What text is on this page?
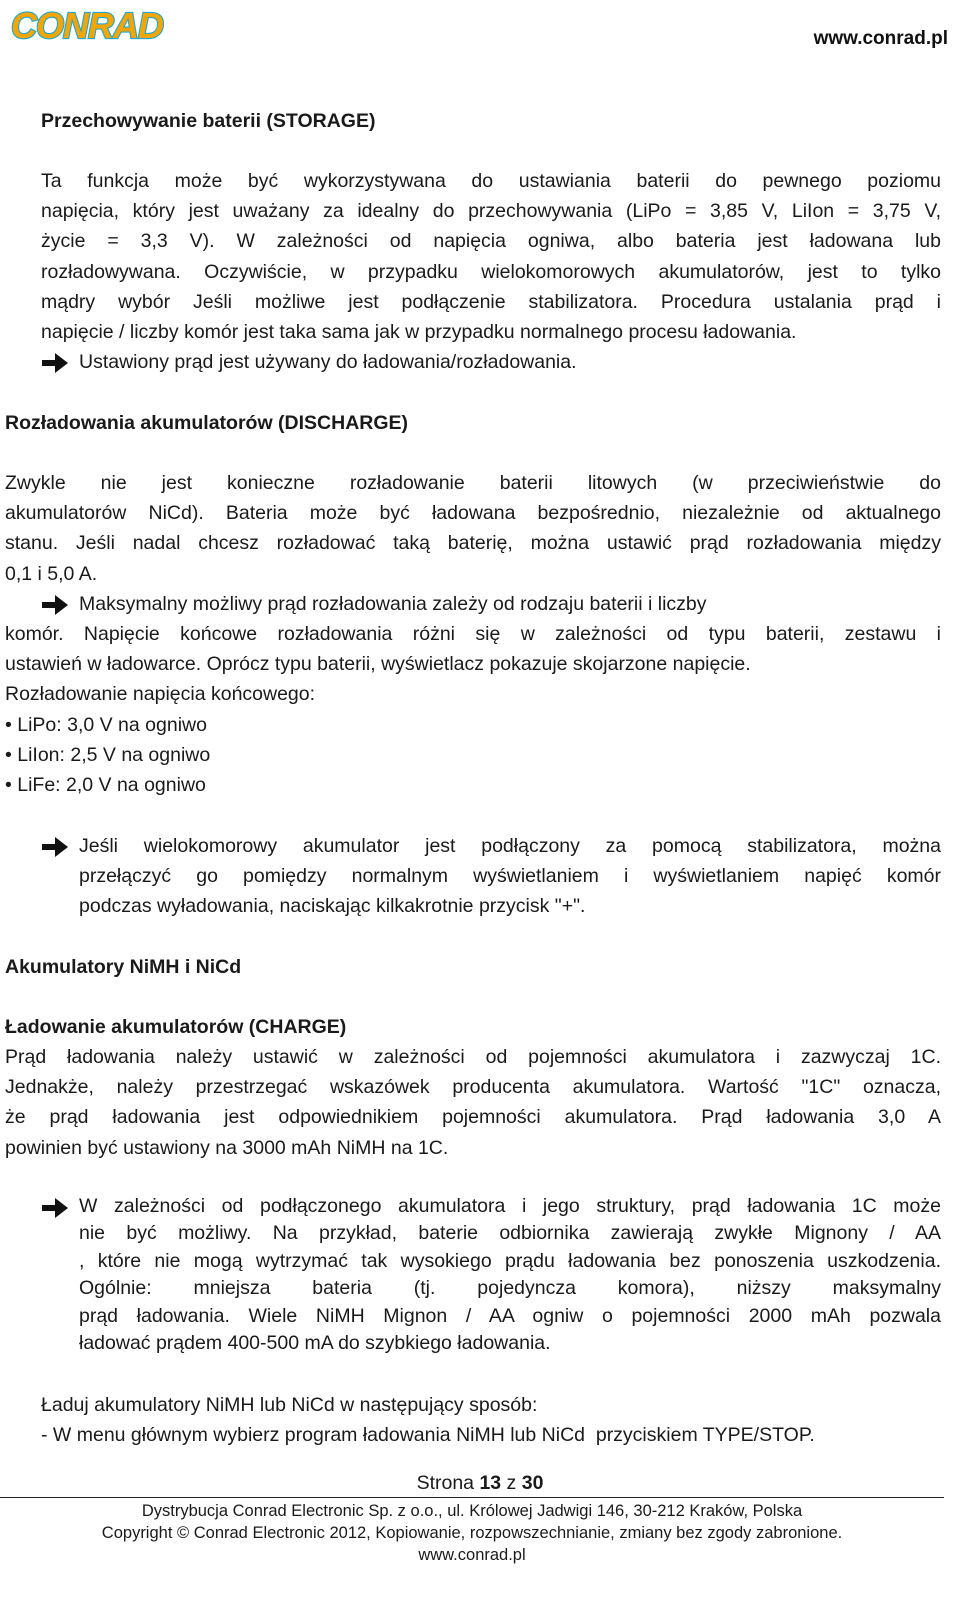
CONRAD	www.conrad.pl
Przechowywanie baterii (STORAGE)
Ta funkcja może być wykorzystywana do ustawiania baterii do pewnego poziomu
napięcia, który jest uważany za idealny do przechowywania (LiPo = 3,85 V, LiIon = 3,75 V,
życie = 3,3 V). W zależności od napięcia ogniwa, albo bateria jest ładowana lub
rozładowywana. Oczywiście, w przypadku wielokomorowych akumulatorów, jest to tylko
mądry wybór Jeśli możliwe jest podłączenie stabilizatora. Procedura ustalania prąd i
napięcie / liczby komór jest taka sama jak w przypadku normalnego procesu ładowania.
Ustawiony prąd jest używany do ładowania/rozładowania.
Rozładowania akumulatorów (DISCHARGE)
Zwykle nie jest konieczne rozładowanie baterii litowych (w przeciwieństwie do
akumulatorów NiCd). Bateria może być ładowana bezpośrednio, niezależnie od aktualnego
stanu. Jeśli nadal chcesz rozładować taką baterię, można ustawić prąd rozładowania między
0,1 i 5,0 A.
Maksymalny możliwy prąd rozładowania zależy od rodzaju baterii i liczby
komór. Napięcie końcowe rozładowania różni się w zależności od typu baterii, zestawu i
ustawień w ładowarce. Oprócz typu baterii, wyświetlacz pokazuje skojarzone napięcie.
Rozładowanie napięcia końcowego:
• LiPo: 3,0 V na ogniwo
• LiIon: 2,5 V na ogniwo
• LiFe: 2,0 V na ogniwo
Jeśli wielokomorowy akumulator jest podłączony za pomocą stabilizatora, można
przełączyć go pomiędzy normalnym wyświetlaniem i wyświetlaniem napięć komór
podczas wyładowania, naciskając kilkakrotnie przycisk "+".
Akumulatory NiMH i NiCd
Ładowanie akumulatorów (CHARGE)
Prąd ładowania należy ustawić w zależności od pojemności akumulatora i zazwyczaj 1C.
Jednakże, należy przestrzegać wskazówek producenta akumulatora. Wartość "1C" oznacza,
że prąd ładowania jest odpowiednikiem pojemności akumulatora. Prąd ładowania 3,0 A
powinien być ustawiony na 3000 mAh NiMH na 1C.
W zależności od podłączonego akumulatora i jego struktury, prąd ładowania 1C może
nie być możliwy. Na przykład, baterie odbiornika zawierają zwykłe Mignony / AA
, które nie mogą wytrzymać tak wysokiego prądu ładowania bez ponoszenia uszkodzenia.
Ogólnie: mniejsza bateria (tj. pojedyncza komora), niższy maksymalny
prąd ładowania. Wiele NiMH Mignon / AA ogniw o pojemności 2000 mAh pozwala
ładować prądem 400-500 mA do szybkiego ładowania.
Ładuj akumulatory NiMH lub NiCd w następujący sposób:
- W menu głównym wybierz program ładowania NiMH lub NiCd  przyciskiem TYPE/STOP.
Strona 13 z 30
Dystrybucja Conrad Electronic Sp. z o.o., ul. Królowej Jadwigi 146, 30-212 Kraków, Polska
Copyright © Conrad Electronic 2012, Kopiowanie, rozpowszechnianie, zmiany bez zgody zabronione.
www.conrad.pl
